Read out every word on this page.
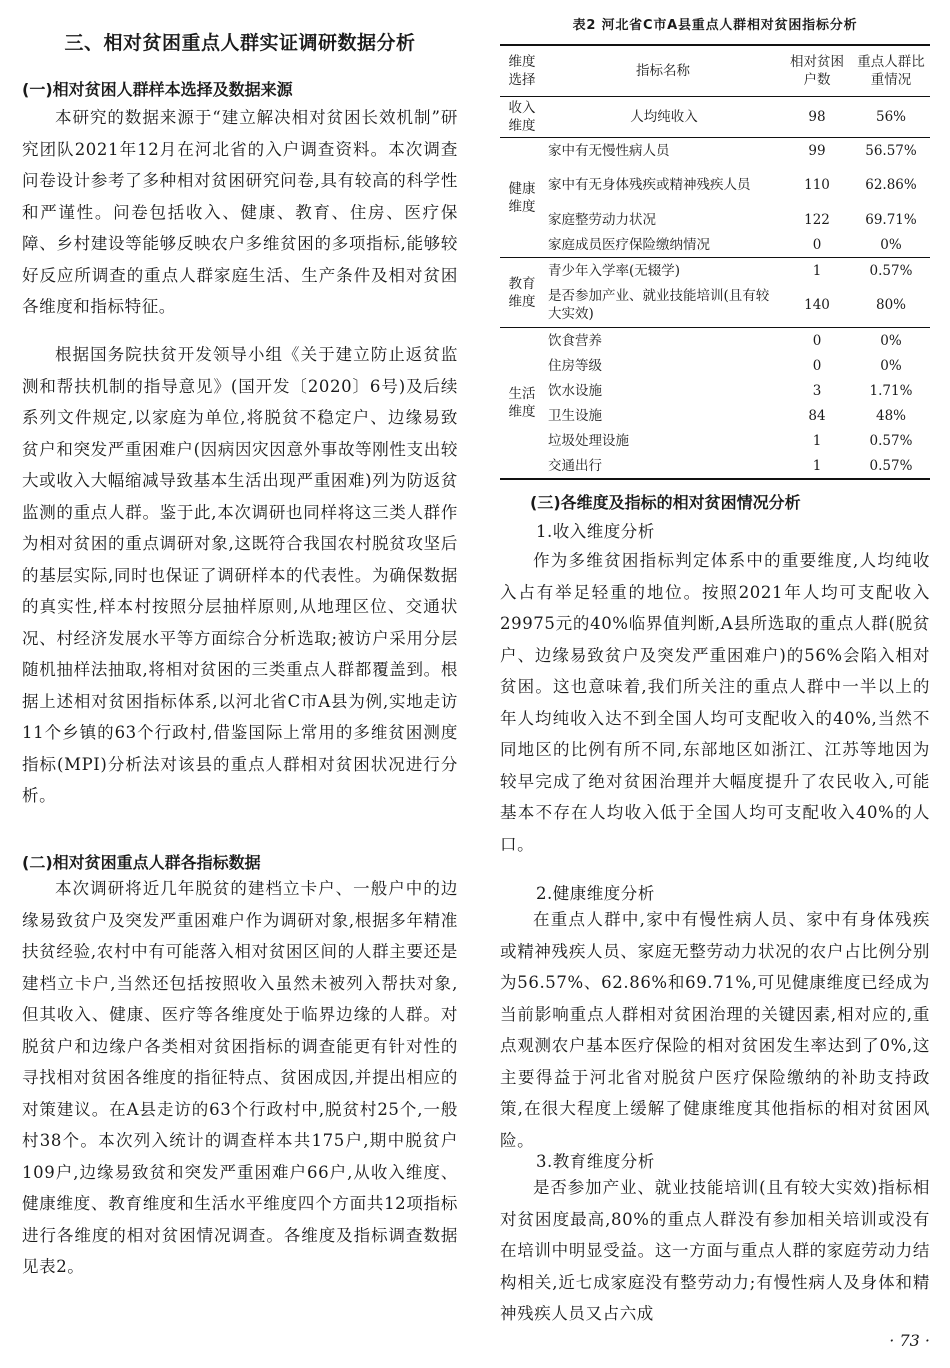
三、相对贫困重点人群实证调研数据分析
(一)相对贫困人群样本选择及数据来源

本研究的数据来源于“建立解决相对贫困长效机制”研究团队2021年12月在河北省的入户调查资料。本次调查问卷设计参考了多种相对贫困研究问卷,具有较高的科学性和严谨性。问卷包括收入、健康、教育、住房、医疗保障、乡村建设等能够反映农户多维贫困的多项指标,能够较好反应所调查的重点人群家庭生活、生产条件及相对贫困各维度和指标特征。

根据国务院扶贫开发领导小组《关于建立防止返贫监测和帮扶机制的指导意见》(国开发〔2020〕6号)及后续系列文件规定,以家庭为单位,将脱贫不稳定户、边缘易致贫户和突发严重困难户(因病因灾因意外事故等刚性支出较大或收入大幅缩减导致基本生活出现严重困难)列为防返贫监测的重点人群。鉴于此,本次调研也同样将这三类人群作为相对贫困的重点调研对象,这既符合我国农村脱贫攻坚后的基层实际,同时也保证了调研样本的代表性。为确保数据的真实性,样本村按照分层抽样原则,从地理区位、交通状况、村经济发展水平等方面综合分析选取;被访户采用分层随机抽样法抽取,将相对贫困的三类重点人群都覆盖到。根据上述相对贫困指标体系,以河北省C市A县为例,实地走访11个乡镇的63个行政村,借鉴国际上常用的多维贫困测度指标(MPI)分析法对该县的重点人群相对贫困状况进行分析。

(二)相对贫困重点人群各指标数据

本次调研将近几年脱贫的建档立卡户、一般户中的边缘易致贫户及突发严重困难户作为调研对象,根据多年精准扶贫经验,农村中有可能落入相对贫困区间的人群主要还是建档立卡户,当然还包括按照收入虽然未被列入帮扶对象,但其收入、健康、医疗等各维度处于临界边缘的人群。对脱贫户和边缘户各类相对贫困指标的调查能更有针对性的寻找相对贫困各维度的指征特点、贫困成因,并提出相应的对策建议。在A县走访的63个行政村中,脱贫村25个,一般村38个。本次列入统计的调查样本共175户,期中脱贫户109户,边缘易致贫和突发严重困难户66户,从收入维度、健康维度、教育维度和生活水平维度四个方面共12项指标进行各维度的相对贫困情况调查。各维度及指标调查数据见表2。

表2 河北省C市A县重点人群相对贫困指标分析
维度选择	指标名称	相对贫困户数	重点人群比重情况
收入维度	人均纯收入	98	56%
健康维度	家中有无慢性病人员	99	56.57%
	家中有无身体残疾或精神残疾人员	110	62.86%
	家庭整劳动力状况	122	69.71%
	家庭成员医疗保险缴纳情况	0	0%
教育维度	青少年入学率(无辍学)	1	0.57%
	是否参加产业、就业技能培训(且有较大实效)	140	80%
生活维度	饮食营养	0	0%
	住房等级	0	0%
	饮水设施	3	1.71%
	卫生设施	84	48%
	垃圾处理设施	1	0.57%
	交通出行	1	0.57%
(三)各维度及指标的相对贫困情况分析
1.收入维度分析

作为多维贫困指标判定体系中的重要维度,人均纯收入占有举足轻重的地位。按照2021年人均可支配收入29975元的40%临界值判断,A县所选取的重点人群(脱贫户、边缘易致贫户及突发严重困难户)的56%会陷入相对贫困。这也意味着,我们所关注的重点人群中一半以上的年人均纯收入达不到全国人均可支配收入的40%,当然不同地区的比例有所不同,东部地区如浙江、江苏等地因为较早完成了绝对贫困治理并大幅度提升了农民收入,可能基本不存在人均收入低于全国人均可支配收入40%的人口。

2.健康维度分析

在重点人群中,家中有慢性病人员、家中有身体残疾或精神残疾人员、家庭无整劳动力状况的农户占比例分别为56.57%、62.86%和69.71%,可见健康维度已经成为当前影响重点人群相对贫困治理的关键因素,相对应的,重点观测农户基本医疗保险的相对贫困发生率达到了0%,这主要得益于河北省对脱贫户医疗保险缴纳的补助支持政策,在很大程度上缓解了健康维度其他指标的相对贫困风险。

3.教育维度分析

是否参加产业、就业技能培训(且有较大实效)指标相对贫困度最高,80%的重点人群没有参加相关培训或没有在培训中明显受益。这一方面与重点人群的家庭劳动力结构相关,近七成家庭没有整劳动力;有慢性病人及身体和精神残疾人员又占六成

· 73 ·
